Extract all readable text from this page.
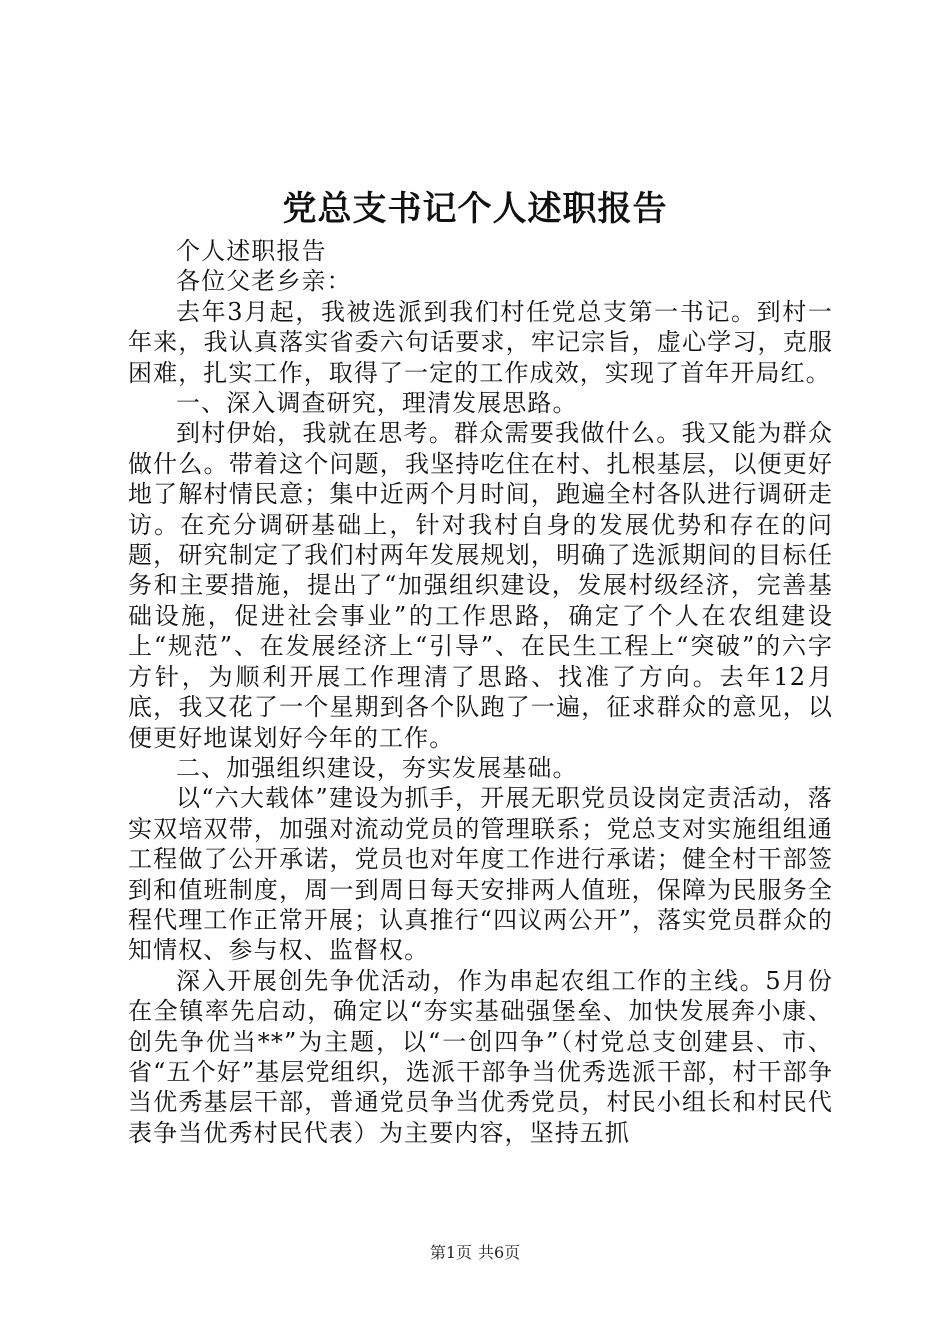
党总支书记个人述职报告

个人述职报告

各位父老乡亲：

去年3月起，我被选派到我们村任党总支第一书记。到村一年来，我认真落实省委六句话要求，牢记宗旨，虚心学习，克服困难，扎实工作，取得了一定的工作成效，实现了首年开局红。

一、深入调查研究，理清发展思路。

到村伊始，我就在思考。群众需要我做什么。我又能为群众做什么。带着这个问题，我坚持吃住在村、扎根基层，以便更好地了解村情民意；集中近两个月时间，跑遍全村各队进行调研走访。在充分调研基础上，针对我村自身的发展优势和存在的问题，研究制定了我们村两年发展规划，明确了选派期间的目标任务和主要措施，提出了“加强组织建设，发展村级经济，完善基础设施，促进社会事业”的工作思路，确定了个人在农组建设上“规范”、在发展经济上“引导”、在民生工程上“突破”的六字方针，为顺利开展工作理清了思路、找准了方向。去年12月底，我又花了一个星期到各个队跑了一遍，征求群众的意见，以便更好地谋划好今年的工作。

二、加强组织建设，夯实发展基础。

以“六大载体”建设为抓手，开展无职党员设岗定责活动，落实双培双带，加强对流动党员的管理联系；党总支对实施组组通工程做了公开承诺，党员也对年度工作进行承诺；健全村干部签到和值班制度，周一到周日每天安排两人值班，保障为民服务全程代理工作正常开展；认真推行“四议两公开”，落实党员群众的知情权、参与权、监督权。

深入开展创先争优活动，作为串起农组工作的主线。5月份在全镇率先启动，确定以“夯实基础强堡垒、加快发展奔小康、创先争优当**”为主题，以“一创四争”（村党总支创建县、市、省“五个好”基层党组织，选派干部争当优秀选派干部，村干部争当优秀基层干部，普通党员争当优秀党员，村民小组长和村民代表争当优秀村民代表）为主要内容，坚持五抓

第1页 共6页
